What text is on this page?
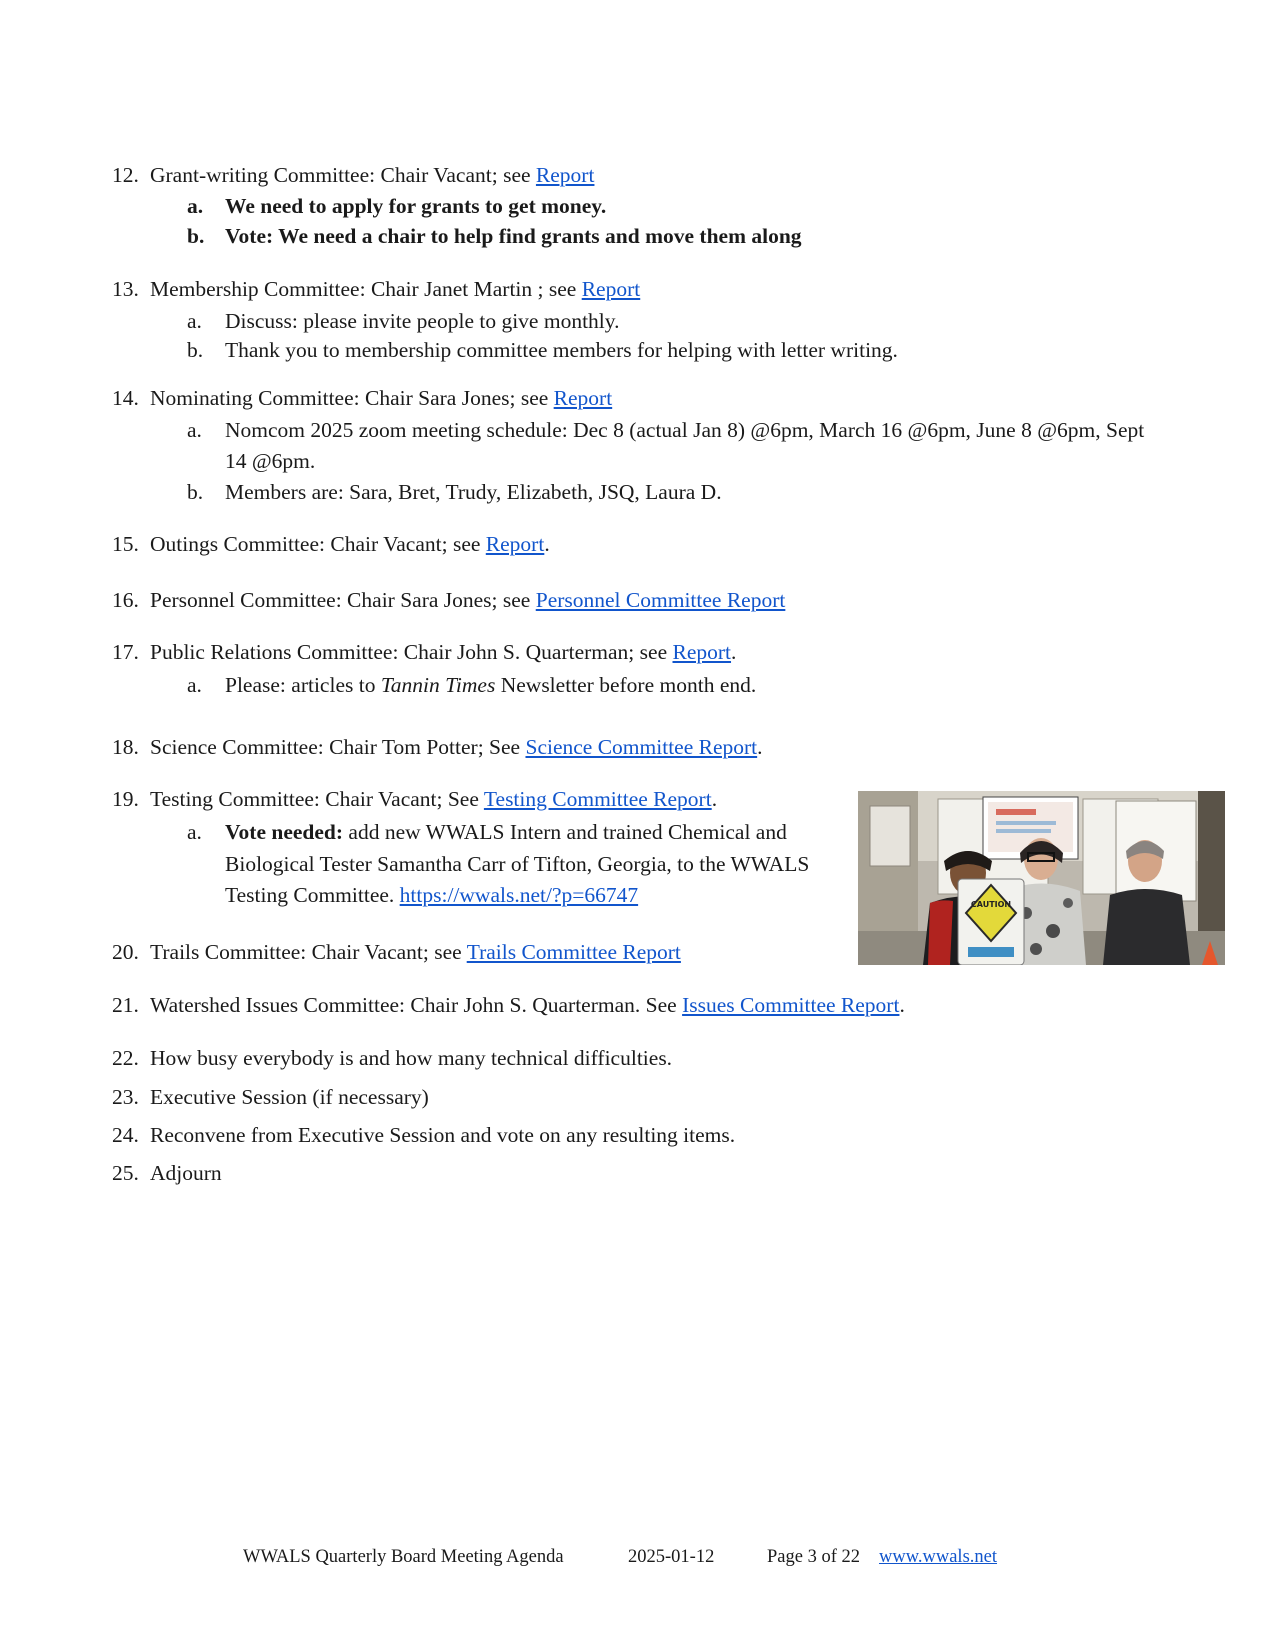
12. Grant-writing Committee: Chair Vacant; see Report
a. We need to apply for grants to get money.
b. Vote: We need a chair to help find grants and move them along
13. Membership Committee: Chair Janet Martin ; see Report
a. Discuss: please invite people to give monthly.
b. Thank you to membership committee members for helping with letter writing.
14. Nominating Committee: Chair Sara Jones; see Report
a. Nomcom 2025 zoom meeting schedule: Dec 8 (actual Jan 8) @6pm, March 16 @6pm, June 8 @6pm, Sept
14 @6pm.
b. Members are: Sara, Bret, Trudy, Elizabeth, JSQ, Laura D.
15. Outings Committee: Chair Vacant; see Report.
16. Personnel Committee: Chair Sara Jones; see Personnel Committee Report
17. Public Relations Committee: Chair John S. Quarterman; see Report.
a. Please: articles to Tannin Times Newsletter before month end.
18. Science Committee: Chair Tom Potter; See Science Committee Report.
19. Testing Committee: Chair Vacant; See Testing Committee Report.
a. Vote needed: add new WWALS Intern and trained Chemical and
Biological Tester Samantha Carr of Tifton, Georgia, to the WWALS
Testing Committee. https://wwals.net/?p=66747	CAUTION
20. Trails Committee: Chair Vacant; see Trails Committee Report
21. Watershed Issues Committee: Chair John S. Quarterman. See Issues Committee Report.
22. How busy everybody is and how many technical difficulties.
23. Executive Session (if necessary)
24. Reconvene from Executive Session and vote on any resulting items.
25. Adjourn
WWALS Quarterly Board Meeting Agenda	2025-01-12	Page 3 of 22 www.wwals.net
